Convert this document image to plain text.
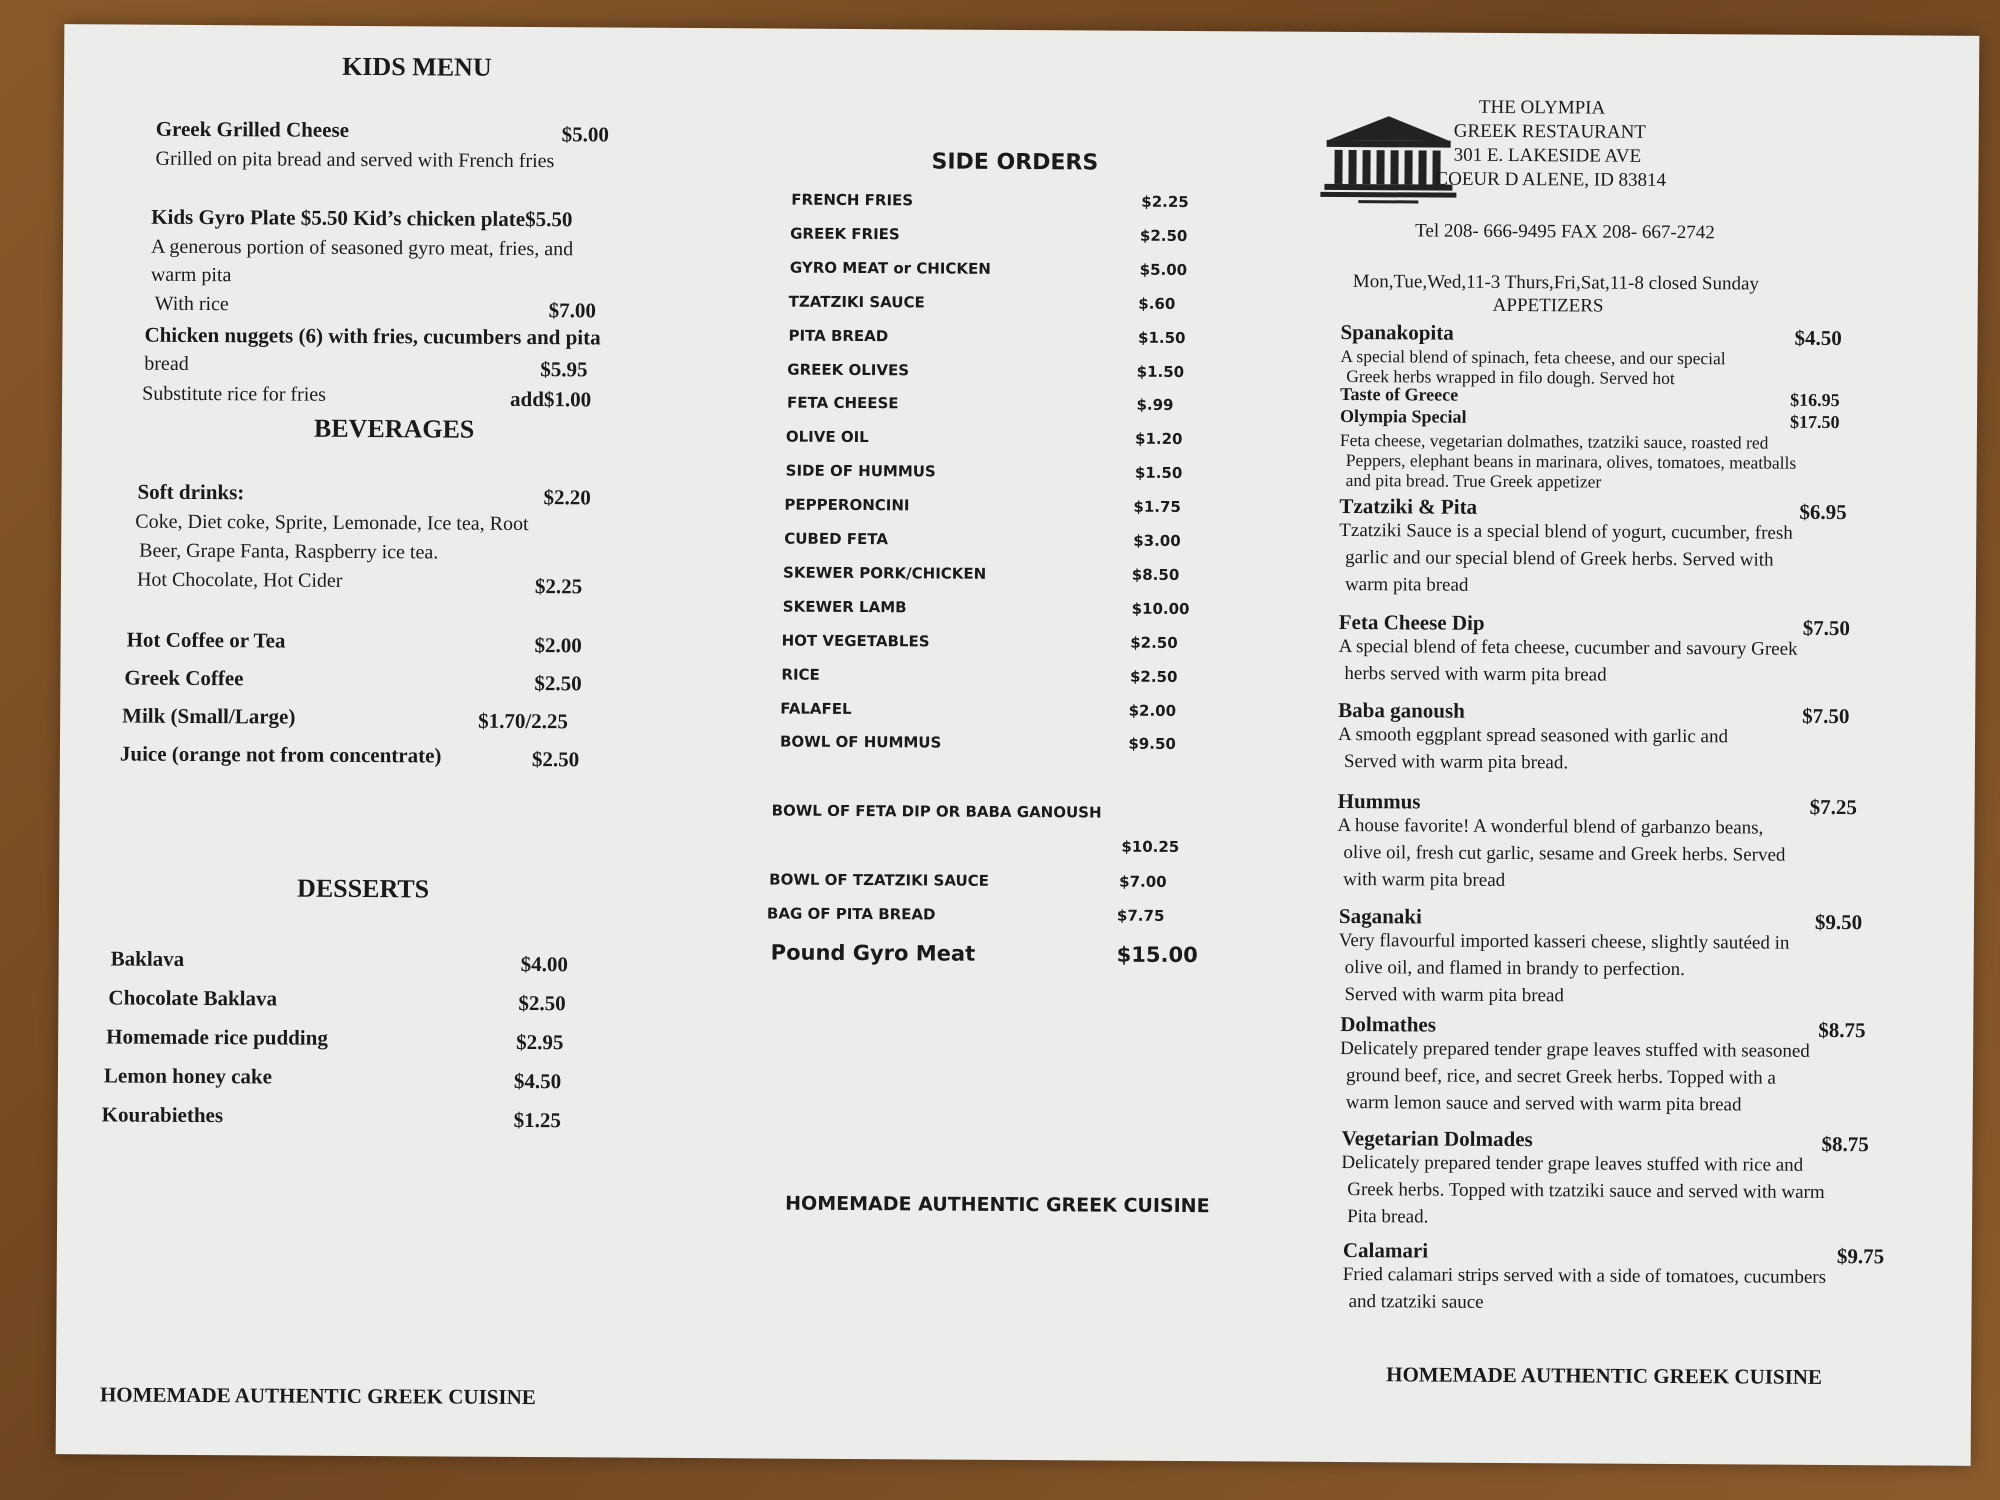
KIDS MENU
Greek Grilled Cheese	$5.00
Grilled on pita bread and served with French fries
Kids Gyro Plate $5.50 Kid’s chicken plate$5.50
A generous portion of seasoned gyro meat, fries, and
warm pita
With rice	$7.00
Chicken nuggets (6) with fries, cucumbers and pita
bread	$5.95
Substitute rice for fries	add$1.00
BEVERAGES
Soft drinks:	$2.20
Coke, Diet coke, Sprite, Lemonade, Ice tea, Root
Beer, Grape Fanta, Raspberry ice tea.
Hot Chocolate, Hot Cider	$2.25
Hot Coffee or Tea	$2.00
Greek Coffee	$2.50
Milk (Small/Large)	$1.70/2.25
Juice (orange not from concentrate)	$2.50
DESSERTS
Baklava	$4.00
Chocolate Baklava	$2.50
Homemade rice pudding	$2.95
Lemon honey cake	$4.50
Kourabiethes	$1.25
HOMEMADE AUTHENTIC GREEK CUISINE
SIDE ORDERS
BOWL OF FETA DIP OR BABA GANOUSH
$10.25
BOWL OF TZATZIKI SAUCE	$7.00
BAG OF PITA BREAD	$7.75
Pound Gyro Meat	$15.00
HOMEMADE AUTHENTIC GREEK CUISINE
THE OLYMPIA
GREEK RESTAURANT
301 E. LAKESIDE AVE
COEUR D ALENE, ID 83814
Tel 208- 666-9495 FAX 208- 667-2742
Mon,Tue,Wed,11-3 Thurs,Fri,Sat,11-8 closed Sunday
APPETIZERS
HOMEMADE AUTHENTIC GREEK CUISINE
FRENCH FRIES	$2.25
GREEK FRIES	$2.50
GYRO MEAT or CHICKEN	$5.00
TZATZIKI SAUCE	$.60
PITA BREAD	$1.50
GREEK OLIVES	$1.50
FETA CHEESE	$.99
OLIVE OIL	$1.20
SIDE OF HUMMUS	$1.50
PEPPERONCINI	$1.75
CUBED FETA	$3.00
SKEWER PORK/CHICKEN	$8.50
SKEWER LAMB	$10.00
HOT VEGETABLES	$2.50
RICE	$2.50
FALAFEL	$2.00
BOWL OF HUMMUS	$9.50
Spanakopita	$4.50
A special blend of spinach, feta cheese, and our special
Greek herbs wrapped in filo dough. Served hot
Taste of Greece	$16.95
Olympia Special	$17.50
Feta cheese, vegetarian dolmathes, tzatziki sauce, roasted red
Peppers, elephant beans in marinara, olives, tomatoes, meatballs
and pita bread. True Greek appetizer
Tzatziki & Pita	$6.95
Tzatziki Sauce is a special blend of yogurt, cucumber, fresh
garlic and our special blend of Greek herbs. Served with
warm pita bread
Feta Cheese Dip	$7.50
A special blend of feta cheese, cucumber and savoury Greek
herbs served with warm pita bread
Baba ganoush	$7.50
A smooth eggplant spread seasoned with garlic and
Served with warm pita bread.
Hummus	$7.25
A house favorite! A wonderful blend of garbanzo beans,
olive oil, fresh cut garlic, sesame and Greek herbs. Served
with warm pita bread
Saganaki	$9.50
Very flavourful imported kasseri cheese, slightly sautéed in
olive oil, and flamed in brandy to perfection.
Served with warm pita bread
Dolmathes	$8.75
Delicately prepared tender grape leaves stuffed with seasoned
ground beef, rice, and secret Greek herbs. Topped with a
warm lemon sauce and served with warm pita bread
Vegetarian Dolmades	$8.75
Delicately prepared tender grape leaves stuffed with rice and
Greek herbs. Topped with tzatziki sauce and served with warm
Pita bread.
Calamari	$9.75
Fried calamari strips served with a side of tomatoes, cucumbers
and tzatziki sauce
